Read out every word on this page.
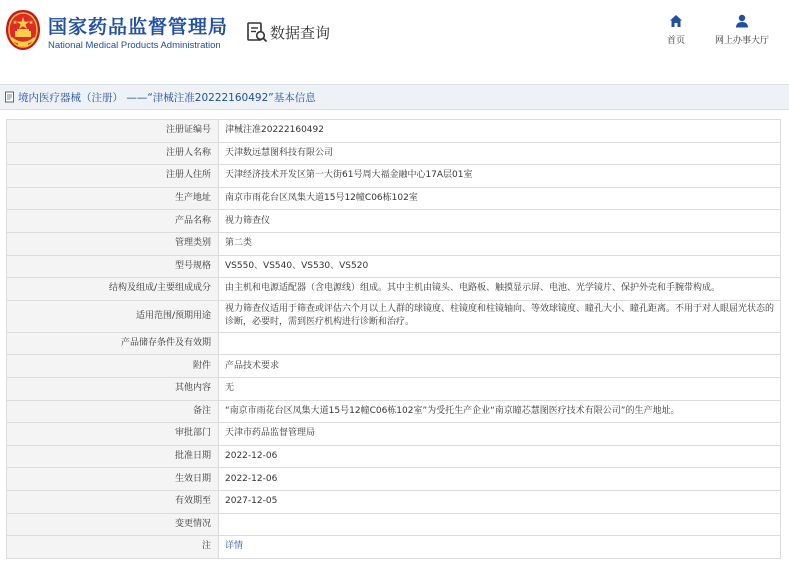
国家药品监督管理局
National Medical Products Administration
数据查询	首页	网上办事大厅
境内医疗器械（注册） ——“津械注准20222160492”基本信息
注册证编号	津械注准20222160492
注册人名称	天津数远慧图科技有限公司
注册人住所	天津经济技术开发区第一大街61号周大福金融中心17A层01室
生产地址	南京市雨花台区凤集大道15号12幢C06栋102室
产品名称	视力筛查仪
管理类别	第二类
型号规格	VS550、VS540、VS530、VS520
结构及组成/主要组成成分	由主机和电源适配器（含电源线）组成。其中主机由镜头、电路板、触摸显示屏、电池、光学镜片、保护外壳和手腕带构成。
适用范围/预期用途	视力筛查仪适用于筛查或评估六个月以上人群的球镜度、柱镜度和柱镜轴向、等效球镜度、瞳孔大小、瞳孔距离。不用于对人眼屈光状态的诊断，必要时，需到医疗机构进行诊断和治疗。
产品储存条件及有效期	
附件	产品技术要求
其他内容	无
备注	“南京市雨花台区凤集大道15号12幢C06栋102室”为受托生产企业“南京瞳芯慧图医疗技术有限公司”的生产地址。
审批部门	天津市药品监督管理局
批准日期	2022-12-06
生效日期	2022-12-06
有效期至	2027-12-05
变更情况	
注	详情
